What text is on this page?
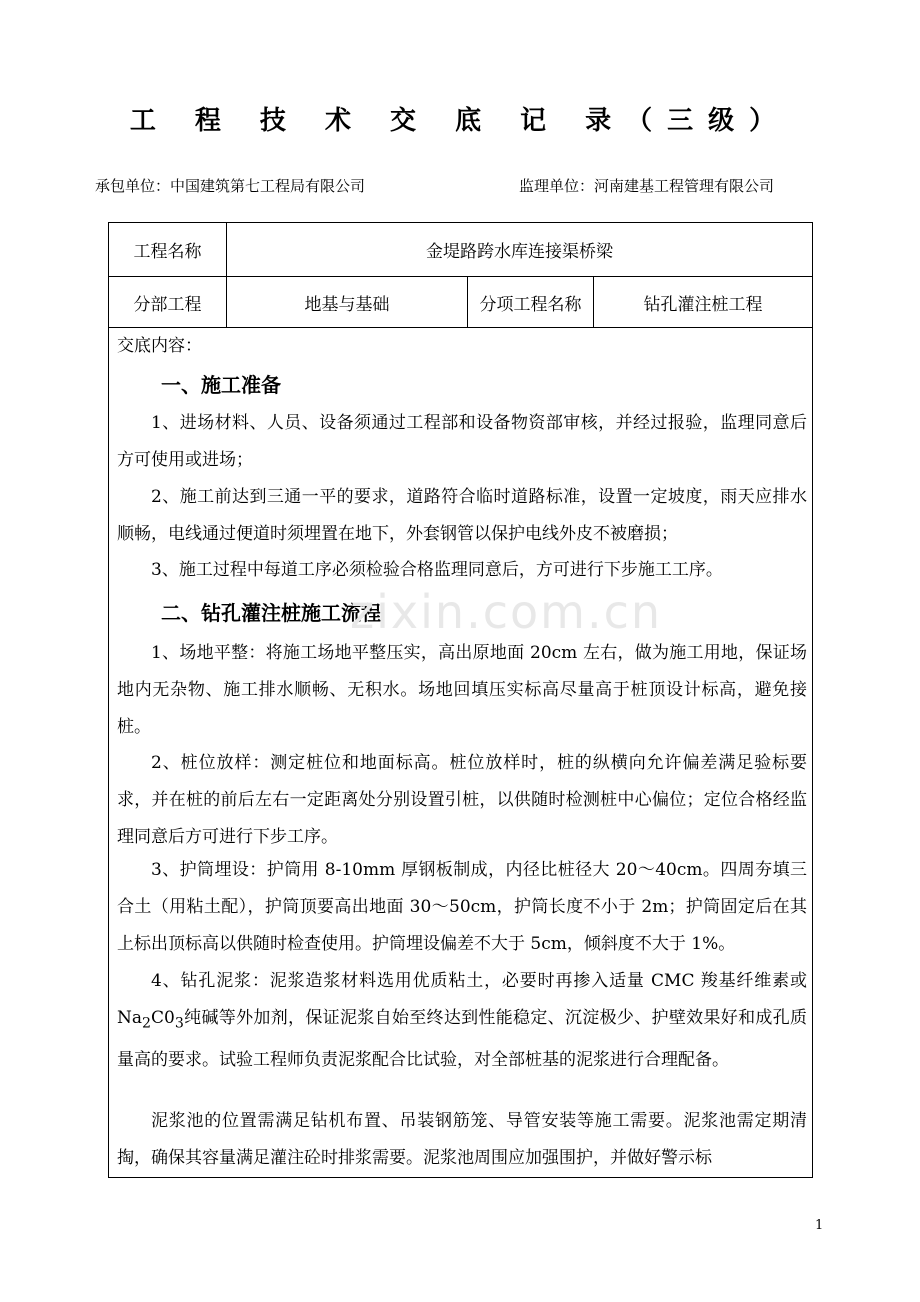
工 程 技 术 交 底 记 录（三级）
承包单位：中国建筑第七工程局有限公司	监理单位：河南建基工程管理有限公司
工程名称	金堤路跨水库连接渠桥梁		
分部工程	地基与基础	分项工程名称	钻孔灌注桩工程
交底内容：
一、施工准备
1、进场材料、人员、设备须通过工程部和设备物资部审核，并经过报验，监理同意后方可使用或进场；
2、施工前达到三通一平的要求，道路符合临时道路标准，设置一定坡度，雨天应排水顺畅，电线通过便道时须埋置在地下，外套钢管以保护电线外皮不被磨损；
3、施工过程中每道工序必须检验合格监理同意后，方可进行下步施工工序。
二、钻孔灌注桩施工流程
1、场地平整：将施工场地平整压实，高出原地面 20cm 左右，做为施工用地，保证场地内无杂物、施工排水顺畅、无积水。场地回填压实标高尽量高于桩顶设计标高，避免接桩。
2、桩位放样：测定桩位和地面标高。桩位放样时，桩的纵横向允许偏差满足验标要求，并在桩的前后左右一定距离处分别设置引桩，以供随时检测桩中心偏位；定位合格经监理同意后方可进行下步工序。
3、护筒埋设：护筒用 8-10mm 厚钢板制成，内径比桩径大 20～40cm。四周夯填三合土（用粘土配），护筒顶要高出地面 30～50cm，护筒长度不小于 2m；护筒固定后在其上标出顶标高以供随时检查使用。护筒埋设偏差不大于 5cm，倾斜度不大于 1%。
4、钻孔泥浆：泥浆造浆材料选用优质粘土，必要时再掺入适量 CMC 羧基纤维素或 $Na_2C0_3$纯碱等外加剂，保证泥浆自始至终达到性能稳定、沉淀极少、护壁效果好和成孔质量高的要求。试验工程师负责泥浆配合比试验，对全部桩基的泥浆进行合理配备。
泥浆池的位置需满足钻机布置、吊装钢筋笼、导管安装等施工需要。泥浆池需定期清掏，确保其容量满足灌注砼时排浆需要。泥浆池周围应加强围护，并做好警示标
zixin.com.cn
1
